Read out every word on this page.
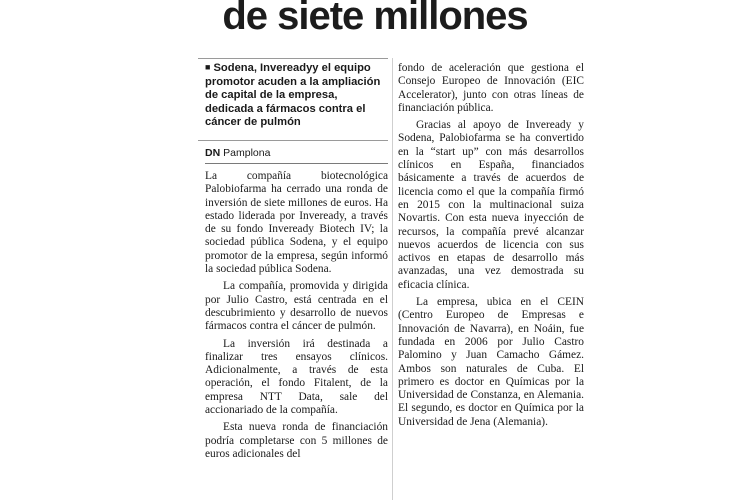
de siete millones
■ Sodena, Invereadyy el equipo promotor acuden a la ampliación de capital de la empresa, dedicada a fármacos contra el cáncer de pulmón
DN Pamplona

La compañía biotecnológica Palobiofarma ha cerrado una ronda de inversión de siete millones de euros. Ha estado liderada por Inveready, a través de su fondo Inveready Biotech IV; la sociedad pública Sodena, y el equipo promotor de la empresa, según informó la sociedad pública Sodena.

La compañía, promovida y dirigida por Julio Castro, está centrada en el descubrimiento y desarrollo de nuevos fármacos contra el cáncer de pulmón.

La inversión irá destinada a finalizar tres ensayos clínicos. Adicionalmente, a través de esta operación, el fondo Fitalent, de la empresa NTT Data, sale del accionariado de la compañía.

Esta nueva ronda de financiación podría completarse con 5 millones de euros adicionales del

fondo de aceleración que gestiona el Consejo Europeo de Innovación (EIC Accelerator), junto con otras líneas de financiación pública.

Gracias al apoyo de Inveready y Sodena, Palobiofarma se ha convertido en la “start up” con más desarrollos clínicos en España, financiados básicamente a través de acuerdos de licencia como el que la compañía firmó en 2015 con la multinacional suiza Novartis. Con esta nueva inyección de recursos, la compañía prevé alcanzar nuevos acuerdos de licencia con sus activos en etapas de desarrollo más avanzadas, una vez demostrada su eficacia clínica.

La empresa, ubica en el CEIN (Centro Europeo de Empresas e Innovación de Navarra), en Noáin, fue fundada en 2006 por Julio Castro Palomino y Juan Camacho Gámez. Ambos son naturales de Cuba. El primero es doctor en Químicas por la Universidad de Constanza, en Alemania. El segundo, es doctor en Química por la Universidad de Jena (Alemania).
